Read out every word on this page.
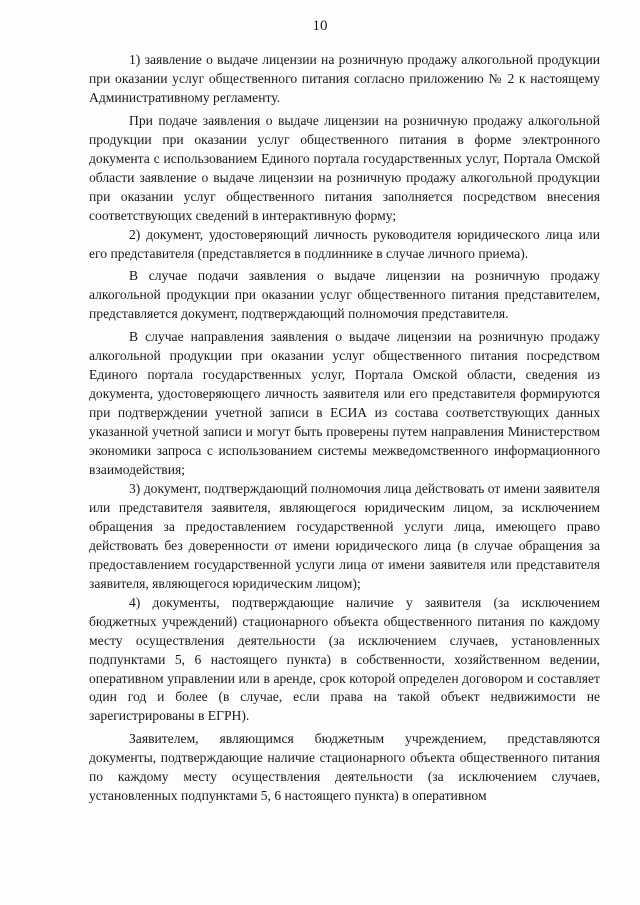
10

1) заявление о выдаче лицензии на розничную продажу алкогольной продукции при оказании услуг общественного питания согласно приложению № 2 к настоящему Административному регламенту.

При подаче заявления о выдаче лицензии на розничную продажу алкогольной продукции при оказании услуг общественного питания в форме электронного документа с использованием Единого портала государственных услуг, Портала Омской области заявление о выдаче лицензии на розничную продажу алкогольной продукции при оказании услуг общественного питания заполняется посредством внесения соответствующих сведений в интерактивную форму;

2) документ, удостоверяющий личность руководителя юридического лица или его представителя (представляется в подлиннике в случае личного приема).

В случае подачи заявления о выдаче лицензии на розничную продажу алкогольной продукции при оказании услуг общественного питания представителем, представляется документ, подтверждающий полномочия представителя.

В случае направления заявления о выдаче лицензии на розничную продажу алкогольной продукции при оказании услуг общественного питания посредством Единого портала государственных услуг, Портала Омской области, сведения из документа, удостоверяющего личность заявителя или его представителя формируются при подтверждении учетной записи в ЕСИА из состава соответствующих данных указанной учетной записи и могут быть проверены путем направления Министерством экономики запроса с использованием системы межведомственного информационного взаимодействия;

3) документ, подтверждающий полномочия лица действовать от имени заявителя или представителя заявителя, являющегося юридическим лицом, за исключением обращения за предоставлением государственной услуги лица, имеющего право действовать без доверенности от имени юридического лица (в случае обращения за предоставлением государственной услуги лица от имени заявителя или представителя заявителя, являющегося юридическим лицом);

4) документы, подтверждающие наличие у заявителя (за исключением бюджетных учреждений) стационарного объекта общественного питания по каждому месту осуществления деятельности (за исключением случаев, установленных подпунктами 5, 6 настоящего пункта) в собственности, хозяйственном ведении, оперативном управлении или в аренде, срок которой определен договором и составляет один год и более (в случае, если права на такой объект недвижимости не зарегистрированы в ЕГРН).

Заявителем, являющимся бюджетным учреждением, представляются документы, подтверждающие наличие стационарного объекта общественного питания по каждому месту осуществления деятельности (за исключением случаев, установленных подпунктами 5, 6 настоящего пункта) в оперативном
